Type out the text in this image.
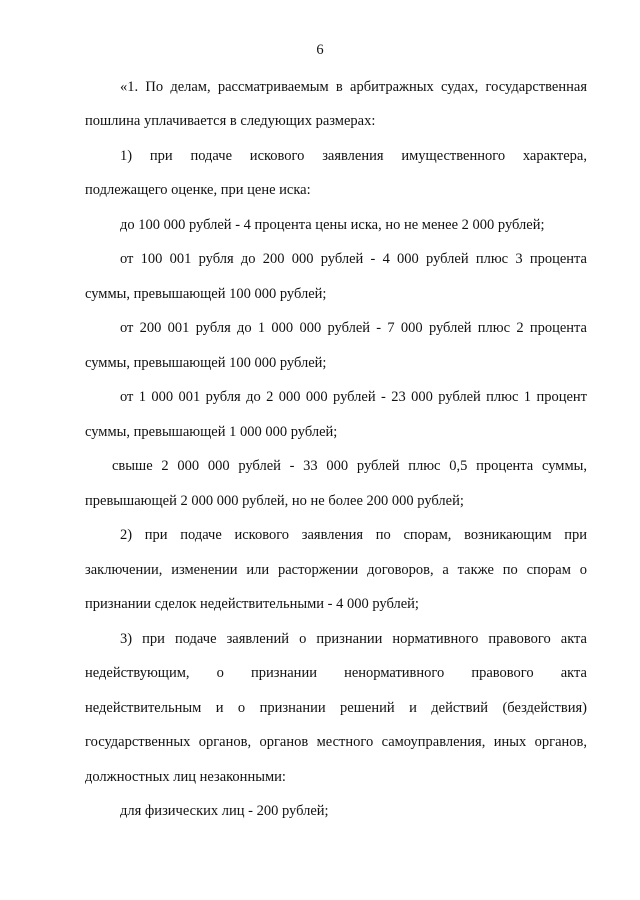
6
«1. По делам, рассматриваемым в арбитражных судах, государственная
пошлина уплачивается в следующих размерах:
1) при подаче искового заявления имущественного характера,
подлежащего оценке, при цене иска:
до 100 000 рублей - 4 процента цены иска, но не менее 2 000 рублей;
от 100 001 рубля до 200 000 рублей - 4 000 рублей плюс 3 процента
суммы, превышающей 100 000 рублей;
от 200 001 рубля до 1 000 000 рублей - 7 000 рублей плюс 2 процента
суммы, превышающей 100 000 рублей;
от 1 000 001 рубля до 2 000 000 рублей - 23 000 рублей плюс 1 процент
суммы, превышающей 1 000 000 рублей;
свыше 2 000 000 рублей - 33 000 рублей плюс 0,5 процента суммы,
превышающей 2 000 000 рублей, но не более 200 000 рублей;
2) при подаче искового заявления по спорам, возникающим при
заключении, изменении или расторжении договоров, а также по спорам о
признании сделок недействительными - 4 000 рублей;
3) при подаче заявлений о признании нормативного правового акта
недействующим, о признании ненормативного правового акта
недействительным и о признании решений и действий (бездействия)
государственных органов, органов местного самоуправления, иных органов,
должностных лиц незаконными:
для физических лиц - 200 рублей;
